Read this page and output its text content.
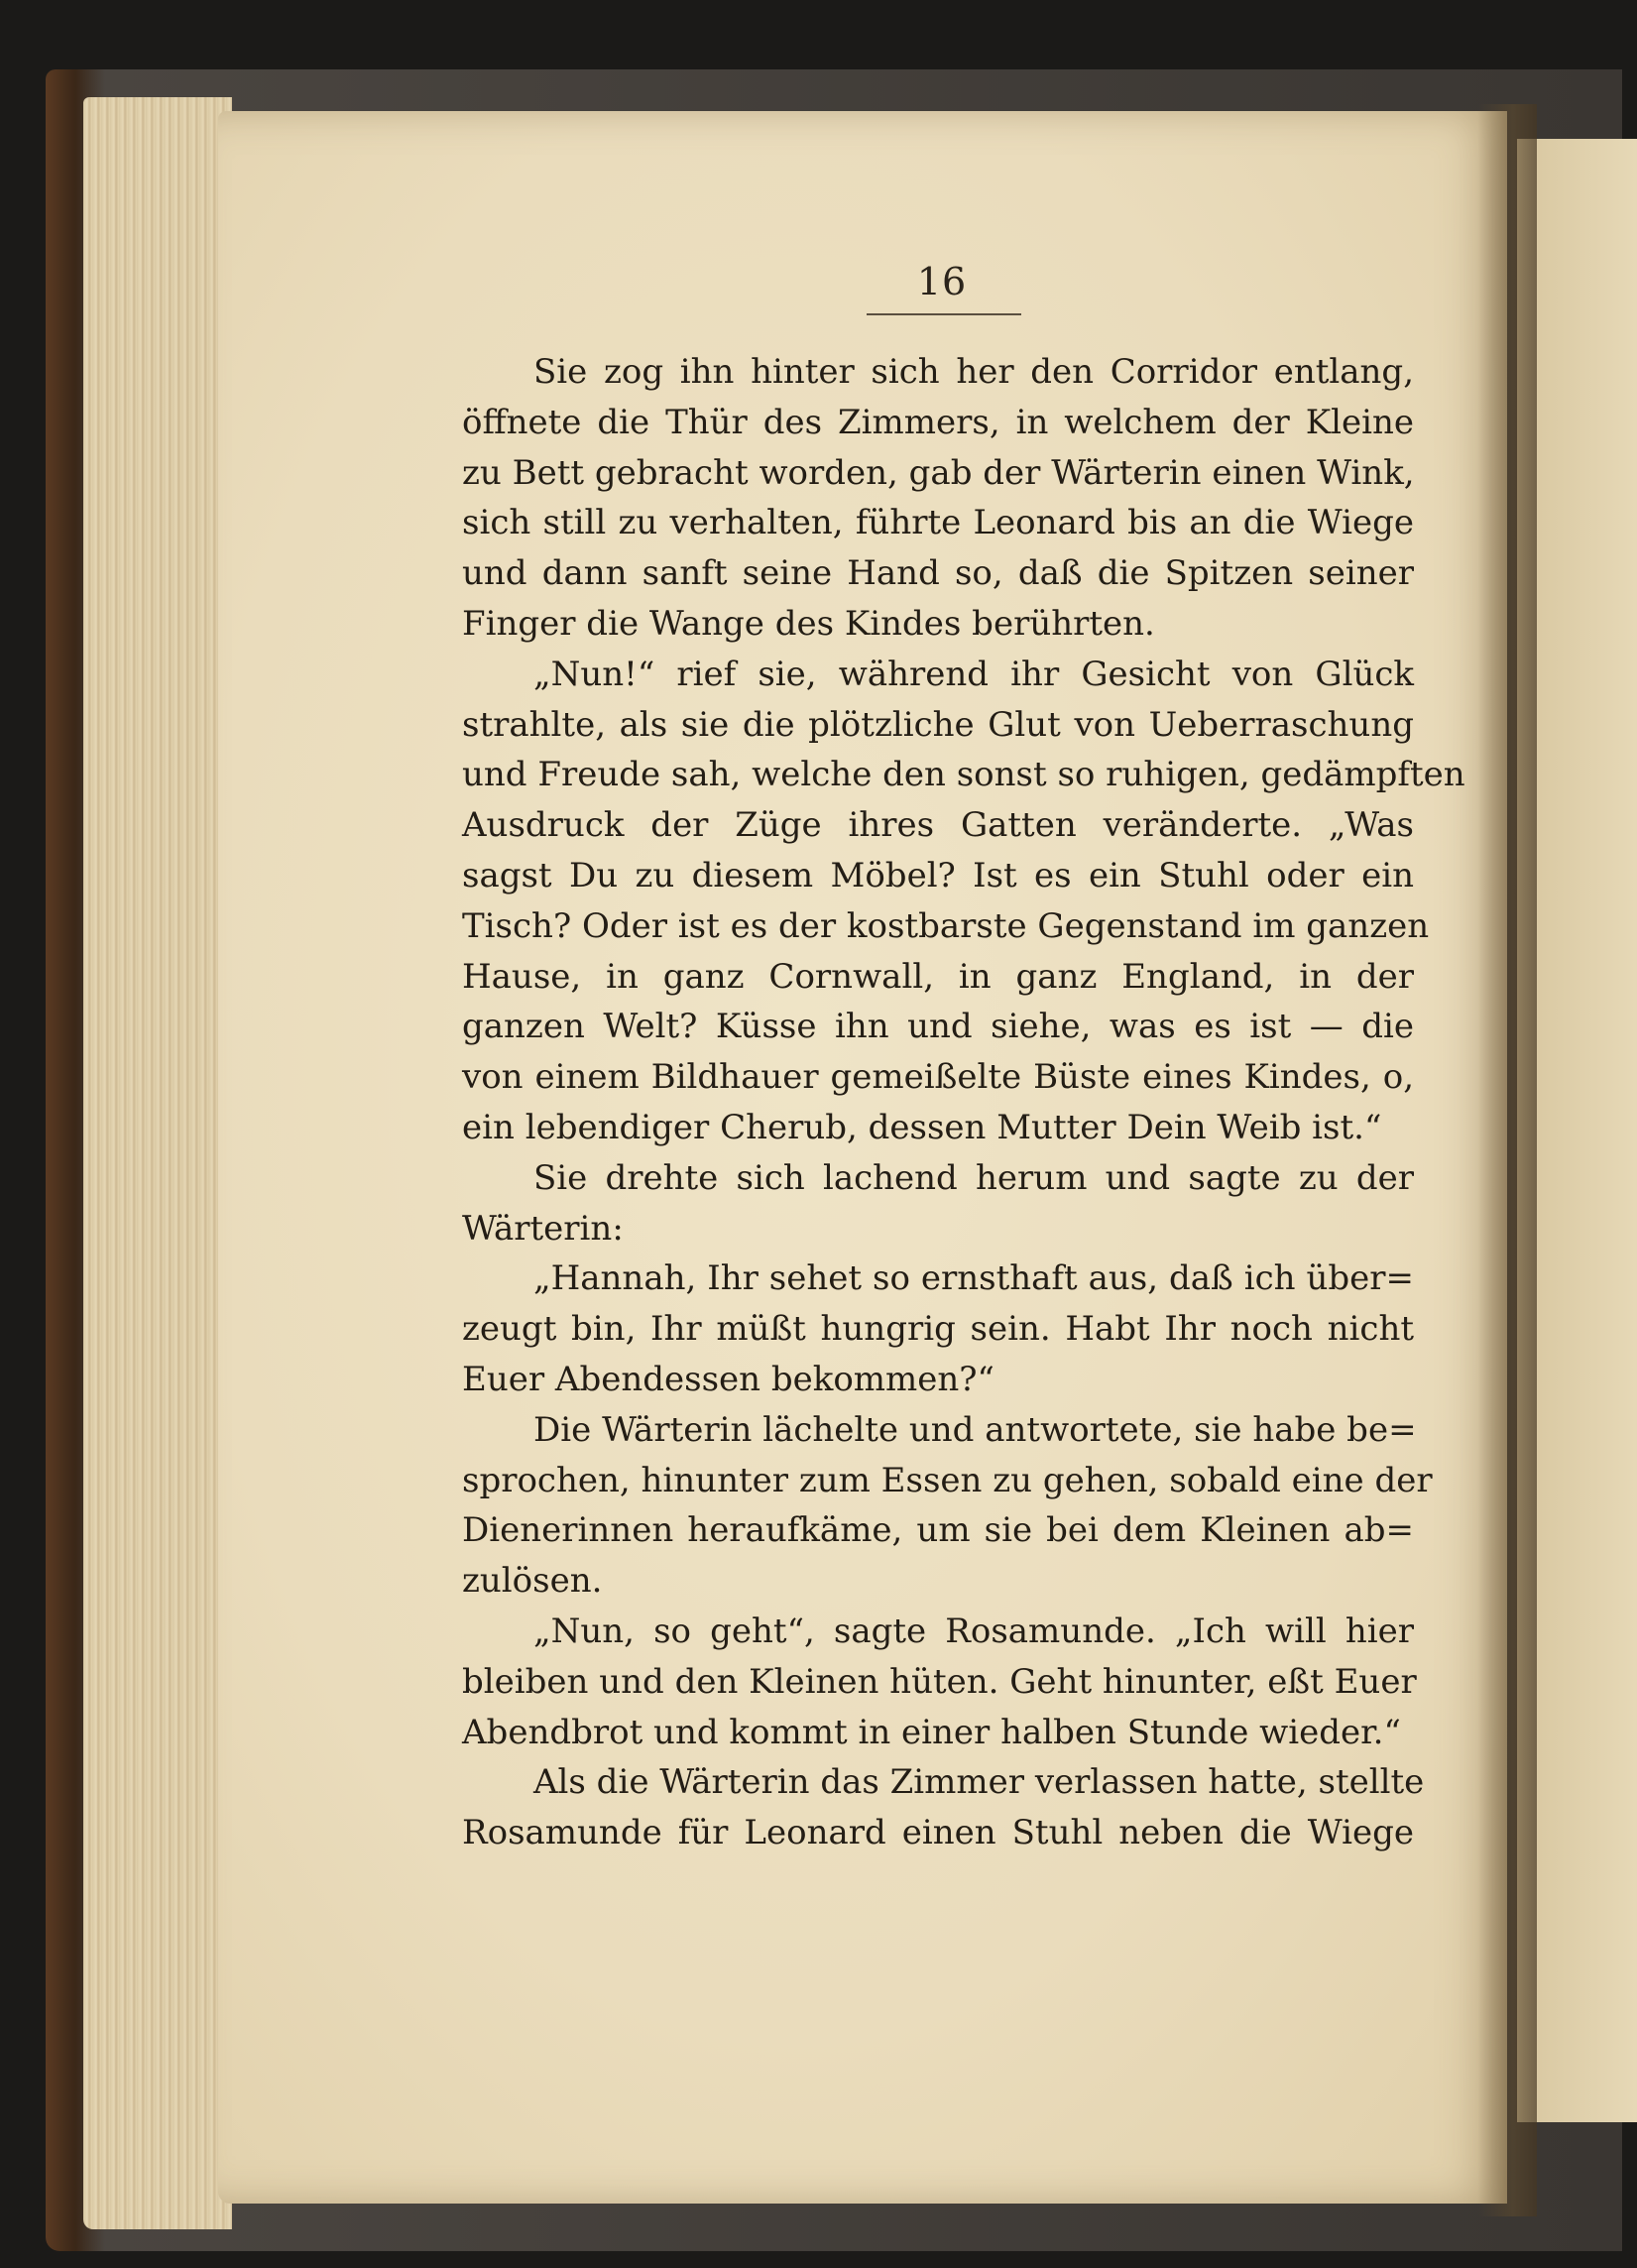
16
Sie zog ihn hinter sich her den Corridor entlang,
öffnete die Thür des Zimmers, in welchem der Kleine
zu Bett gebracht worden, gab der Wärterin einen Wink,
sich still zu verhalten, führte Leonard bis an die Wiege
und dann sanft seine Hand so, daß die Spitzen seiner
Finger die Wange des Kindes berührten.
„Nun!“ rief sie, während ihr Gesicht von Glück
strahlte, als sie die plötzliche Glut von Ueberraschung
und Freude sah, welche den sonst so ruhigen, gedämpften
Ausdruck der Züge ihres Gatten veränderte. „Was
sagst Du zu diesem Möbel? Ist es ein Stuhl oder ein
Tisch? Oder ist es der kostbarste Gegenstand im ganzen
Hause, in ganz Cornwall, in ganz England, in der
ganzen Welt? Küsse ihn und siehe, was es ist — die
von einem Bildhauer gemeißelte Büste eines Kindes, o,
ein lebendiger Cherub, dessen Mutter Dein Weib ist.“
Sie drehte sich lachend herum und sagte zu der
Wärterin:
„Hannah, Ihr sehet so ernsthaft aus, daß ich über=
zeugt bin, Ihr müßt hungrig sein. Habt Ihr noch nicht
Euer Abendessen bekommen?“
Die Wärterin lächelte und antwortete, sie habe be=
sprochen, hinunter zum Essen zu gehen, sobald eine der
Dienerinnen heraufkäme, um sie bei dem Kleinen ab=
zulösen.
„Nun, so geht“, sagte Rosamunde. „Ich will hier
bleiben und den Kleinen hüten. Geht hinunter, eßt Euer
Abendbrot und kommt in einer halben Stunde wieder.“
Als die Wärterin das Zimmer verlassen hatte, stellte
Rosamunde für Leonard einen Stuhl neben die Wiege
